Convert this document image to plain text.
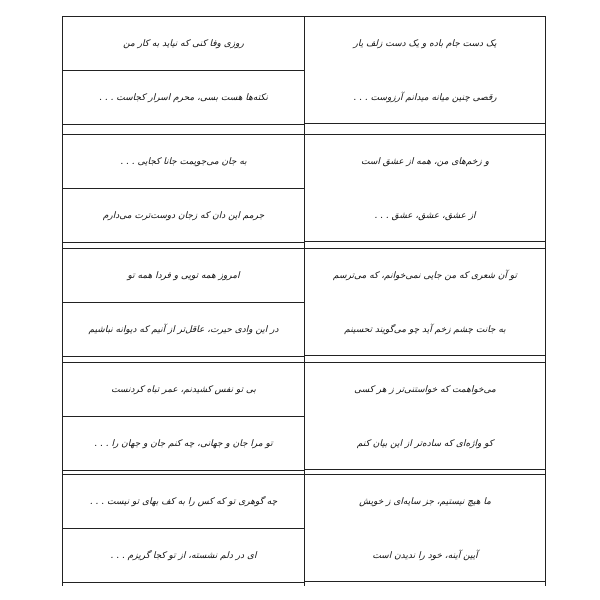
روزی وفا کنی که نیاید به کار من
نکته‌ها هست بسی، محرم اسرار کجاست . . .
یک دست جام باده و یک دست زلف یار
رقصی چنین میانه میدانم آرزوست . . .
به جان می‌جویمت جانا کجایی . . .
جرمم این دان که زجان دوست‌ترت می‌دارم
و زخم‌های من، همه از عشق است
از عشق، عشق، عشق . . .
امروز همه تویی و فردا همه تو
در این وادی حیرت، عاقل‌تر از آنیم که دیوانه نباشیم
تو آن شعری که من جایی نمی‌خوانم، که می‌ترسم
به جانت چشم زخم آید چو می‌گویند تحسینم
بی تو نفس کشیدنم، عمر تباه کردنست
تو مرا جان و جهانی، چه کنم جان و جهان را . . .
می‌خواهمت که خواستنی‌تر ز هر کسی
کو واژه‌ای که ساده‌تر از این بیان کنم
چه گوهری تو که کس را به کف بهای تو نیست . . .
ای در دلم نشسته، از تو کجا گریزم . . .
ما هیچ نیستیم، جز سایه‌ای ز خویش
آیین آینه، خود را ندیدن است
